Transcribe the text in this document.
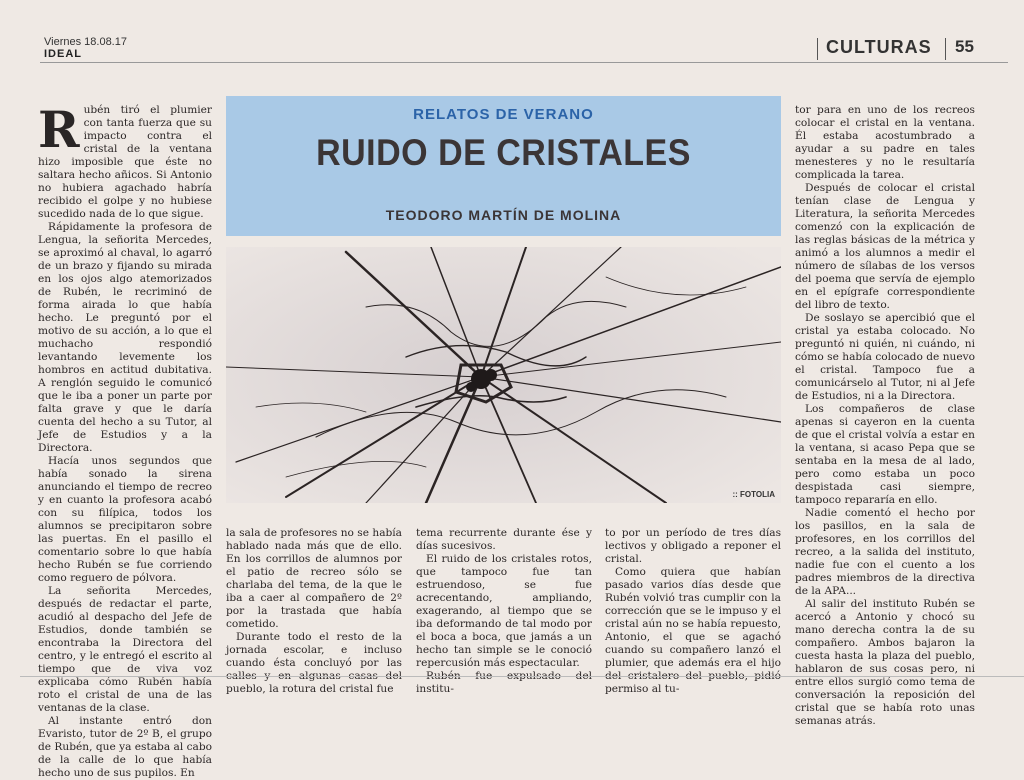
Viernes 18.08.17
IDEAL	CULTURAS 55
R ubén tiró el plumier con tanta fuerza que su impacto contra el cristal de la ventana hizo imposible que éste no saltara hecho añicos. Si Antonio no hubiera agachado habría recibido el golpe y no hubiese sucedido nada de lo que sigue.

Rápidamente la profesora de Lengua, la señorita Mercedes, se aproximó al chaval, lo agarró de un brazo y fijando su mirada en los ojos algo atemorizados de Rubén, le recriminó de forma airada lo que había hecho. Le preguntó por el motivo de su acción, a lo que el muchacho respondió levantando levemente los hombros en actitud dubitativa. A renglón seguido le comunicó que le iba a poner un parte por falta grave y que le daría cuenta del hecho a su Tutor, al Jefe de Estudios y a la Directora.

Hacía unos segundos que había sonado la sirena anunciando el tiempo de recreo y en cuanto la profesora acabó con su filípica, todos los alumnos se precipitaron sobre las puertas. En el pasillo el comentario sobre lo que había hecho Rubén se fue corriendo como reguero de pólvora.

La señorita Mercedes, después de redactar el parte, acudió al despacho del Jefe de Estudios, donde también se encontraba la Directora del centro, y le entregó el escrito al tiempo que de viva voz explicaba cómo Rubén había roto el cristal de una de las ventanas de la clase.

Al instante entró don Evaristo, tutor de 2º B, el grupo de Rubén, que ya estaba al cabo de la calle de lo que había hecho uno de sus pupilos. En

RELATOS DE VERANO
RUIDO DE CRISTALES
TEODORO MARTÍN DE MOLINA
:: FOTOLIA

la sala de profesores no se había hablado nada más que de ello. En los corrillos de alumnos por el patio de recreo sólo se charlaba del tema, de la que le iba a caer al compañero de 2º por la trastada que había cometido.

Durante todo el resto de la jornada escolar, e incluso cuando ésta concluyó por las calles y en algunas casas del pueblo, la rotura del cristal fue

tema recurrente durante ése y días sucesivos.

El ruido de los cristales rotos, que tampoco fue tan estruendoso, se fue acrecentando, ampliando, exagerando, al tiempo que se iba deformando de tal modo por el boca a boca, que jamás a un hecho tan simple se le conoció repercusión más espectacular.

Rubén fue expulsado del institu-

to por un período de tres días lectivos y obligado a reponer el cristal.

Como quiera que habían pasado varios días desde que Rubén volvió tras cumplir con la corrección que se le impuso y el cristal aún no se había repuesto, Antonio, el que se agachó cuando su compañero lanzó el plumier, que además era el hijo del cristalero del pueblo, pidió permiso al tu-

tor para en uno de los recreos colocar el cristal en la ventana. Él estaba acostumbrado a ayudar a su padre en tales menesteres y no le resultaría complicada la tarea.

Después de colocar el cristal tenían clase de Lengua y Literatura, la señorita Mercedes comenzó con la explicación de las reglas básicas de la métrica y animó a los alumnos a medir el número de sílabas de los versos del poema que servía de ejemplo en el epígrafe correspondiente del libro de texto.

De soslayo se apercibió que el cristal ya estaba colocado. No preguntó ni quién, ni cuándo, ni cómo se había colocado de nuevo el cristal. Tampoco fue a comunicárselo al Tutor, ni al Jefe de Estudios, ni a la Directora.

Los compañeros de clase apenas si cayeron en la cuenta de que el cristal volvía a estar en la ventana, si acaso Pepa que se sentaba en la mesa de al lado, pero como estaba un poco despistada casi siempre, tampoco repararía en ello.

Nadie comentó el hecho por los pasillos, en la sala de profesores, en los corrillos del recreo, a la salida del instituto, nadie fue con el cuento a los padres miembros de la directiva de la APA...

Al salir del instituto Rubén se acercó a Antonio y chocó su mano derecha contra la de su compañero. Ambos bajaron la cuesta hasta la plaza del pueblo, hablaron de sus cosas pero, ni entre ellos surgió como tema de conversación la reposición del cristal que se había roto unas semanas atrás.
